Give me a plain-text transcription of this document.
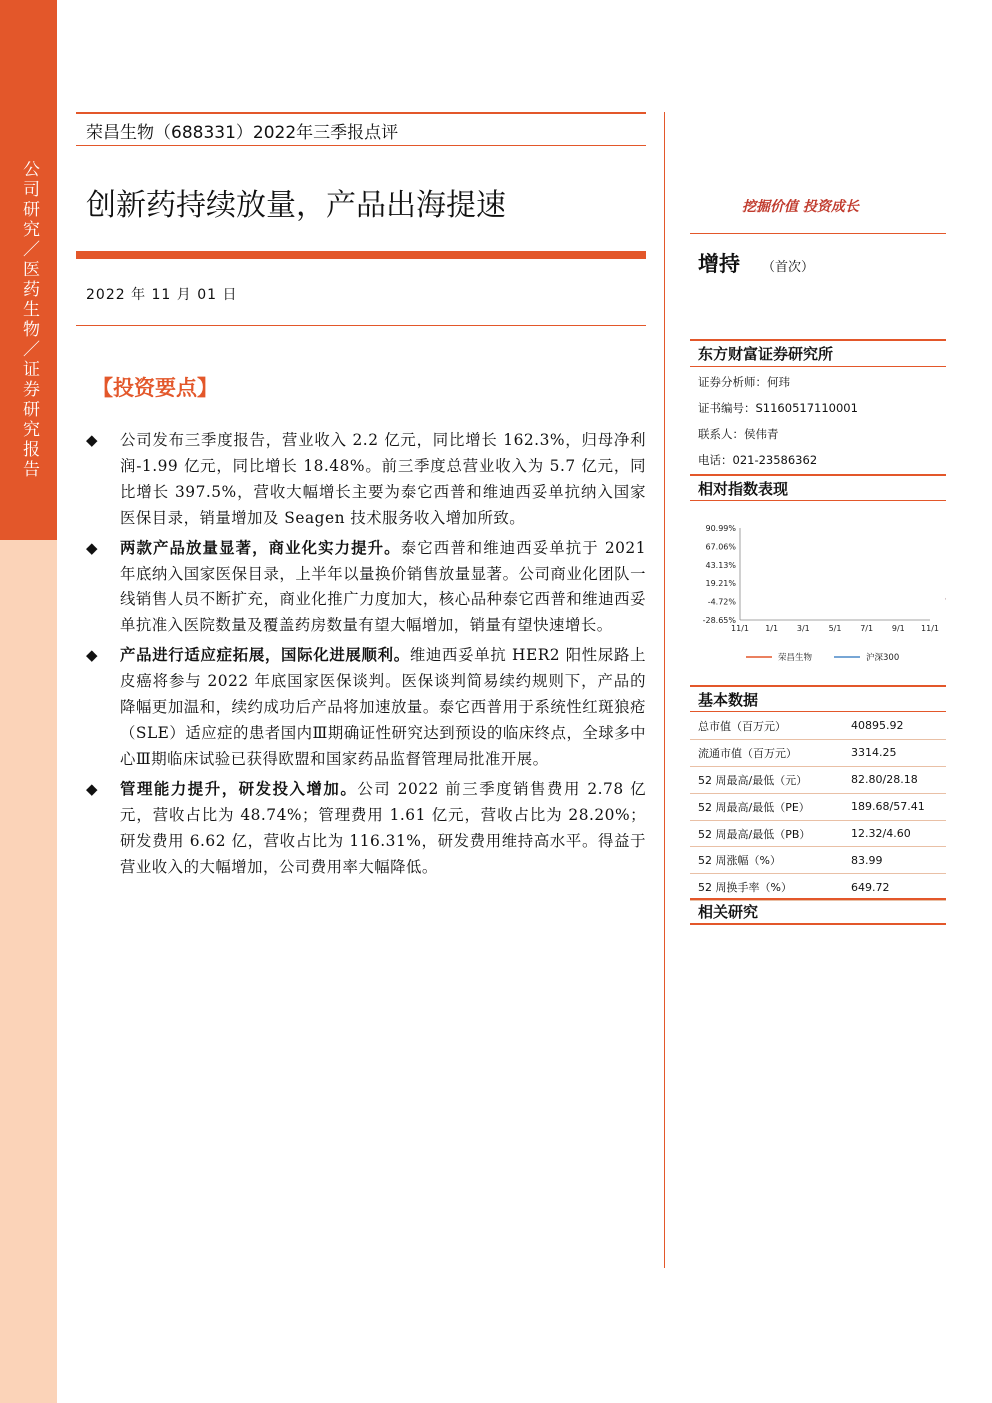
公司研究／医药生物／证券研究报告
荣昌生物（688331）2022年三季报点评
创新药持续放量，产品出海提速
2022 年 11 月 01 日
【投资要点】
◆	公司发布三季度报告，营业收入 2.2 亿元，同比增长 162.3%，归母净利润-1.99 亿元，同比增长 18.48%。前三季度总营业收入为 5.7 亿元，同比增长 397.5%，营收大幅增长主要为泰它西普和维迪西妥单抗纳入国家医保目录，销量增加及 Seagen 技术服务收入增加所致。
◆	两款产品放量显著，商业化实力提升。泰它西普和维迪西妥单抗于 2021 年底纳入国家医保目录，上半年以量换价销售放量显著。公司商业化团队一线销售人员不断扩充，商业化推广力度加大，核心品种泰它西普和维迪西妥单抗准入医院数量及覆盖药房数量有望大幅增加，销量有望快速增长。
◆	产品进行适应症拓展，国际化进展顺利。维迪西妥单抗 HER2 阳性尿路上皮癌将参与 2022 年底国家医保谈判。医保谈判简易续约规则下，产品的降幅更加温和，续约成功后产品将加速放量。泰它西普用于系统性红斑狼疮（SLE）适应症的患者国内Ⅲ期确证性研究达到预设的临床终点，全球多中心Ⅲ期临床试验已获得欧盟和国家药品监督管理局批准开展。
◆	管理能力提升，研发投入增加。公司 2022 前三季度销售费用 2.78 亿元，营收占比为 48.74%；管理费用 1.61 亿元，营收占比为 28.20%；研发费用 6.62 亿，营收占比为 116.31%，研发费用维持高水平。得益于营业收入的大幅增加，公司费用率大幅降低。
挖掘价值 投资成长
增持 （首次）
东方财富证券研究所
证券分析师：何玮
证书编号：S1160517110001
联系人：侯伟青
电话：021-23586362
相对指数表现
90.99%
67.06%
43.13%
19.21%
-4.72%
-28.65%
11/1 1/1 3/1 5/1 7/1 9/1 11/1
荣昌生物	沪深300
基本数据
总市值（百万元）	40895.92
流通市值（百万元）	3314.25
52 周最高/最低（元）	82.80/28.18
52 周最高/最低（PE）	189.68/57.41
52 周最高/最低（PB）	12.32/4.60
52 周涨幅（%）	83.99
52 周换手率（%）	649.72
相关研究
